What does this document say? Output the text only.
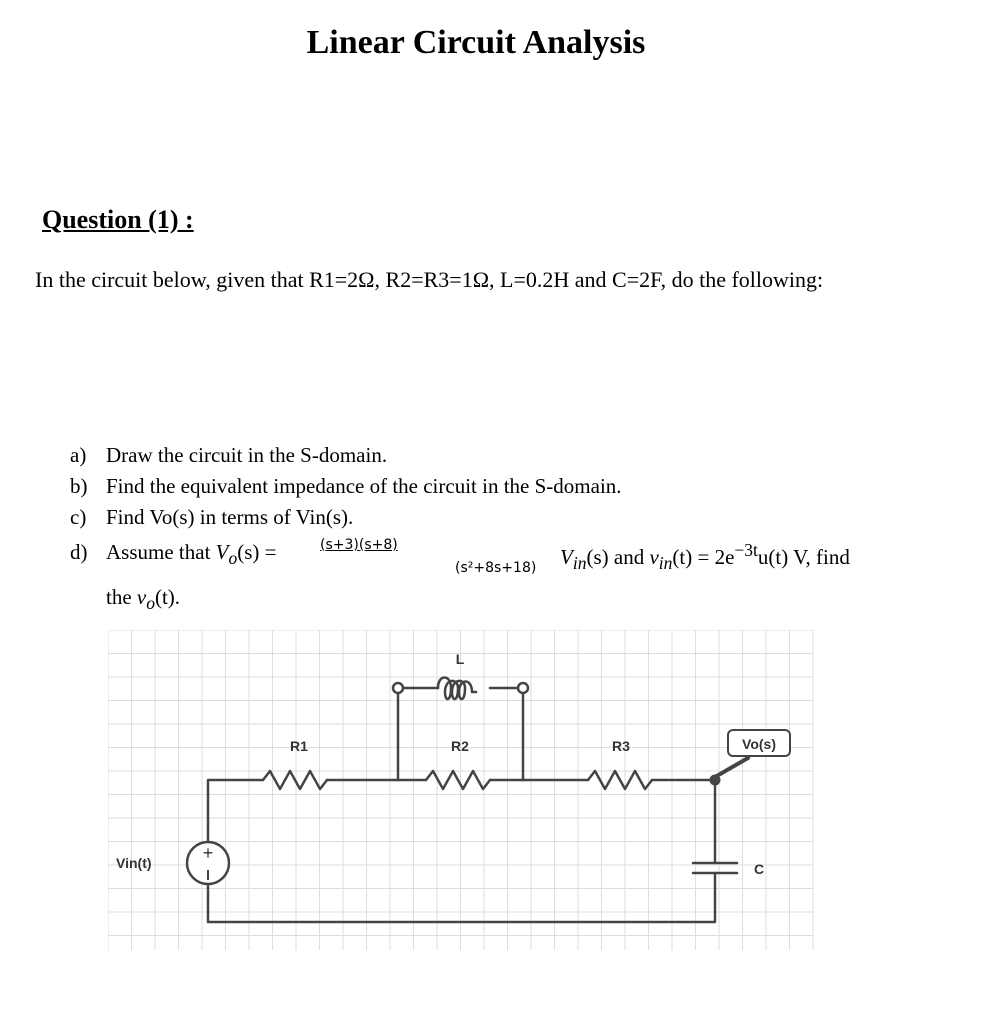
Linear Circuit Analysis
Question (1) :
In the circuit below, given that R1=2Ω, R2=R3=1Ω, L=0.2H and C=2F, do the following:
a) Draw the circuit in the S-domain.
b) Find the equivalent impedance of the circuit in the S-domain.
c) Find Vo(s) in terms of Vin(s).
d) Assume that $V_o(s)$ =	(s+3)(s+8)
(s²+8s+18) $V_{in}(s)$ and $v_{in}(t) = 2e^{-3t}u(t)$ V, find
the $v_o(t)$.
+
L
R1	R2	R3
C
Vin(t)
Vo(s)
